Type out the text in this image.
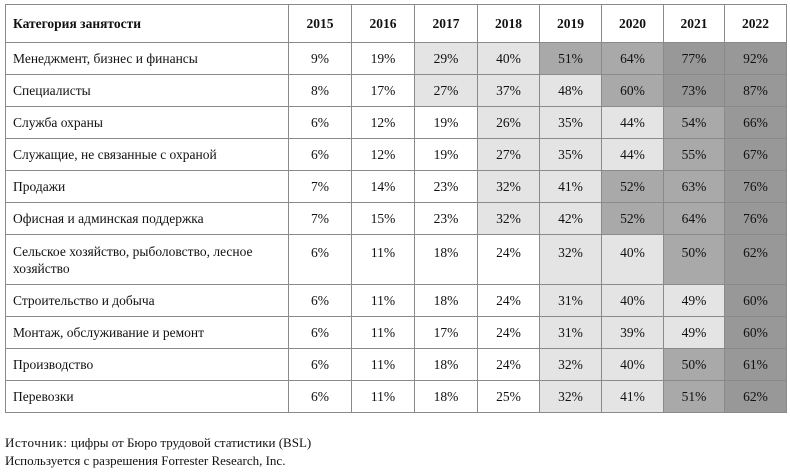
Категория занятости	2015	2016	2017	2018	2019	2020	2021	2022
Менеджмент, бизнес и финансы	9%	19%	29%	40%	51%	64%	77%	92%
Специалисты	8%	17%	27%	37%	48%	60%	73%	87%
Служба охраны	6%	12%	19%	26%	35%	44%	54%	66%
Служащие, не связанные с охраной	6%	12%	19%	27%	35%	44%	55%	67%
Продажи	7%	14%	23%	32%	41%	52%	63%	76%
Офисная и админская поддержка	7%	15%	23%	32%	42%	52%	64%	76%
Сельское хозяйство, рыболовство, лесное хозяйство	6%	11%	18%	24%	32%	40%	50%	62%
Строительство и добыча	6%	11%	18%	24%	31%	40%	49%	60%
Монтаж, обслуживание и ремонт	6%	11%	17%	24%	31%	39%	49%	60%
Производство	6%	11%	18%	24%	32%	40%	50%	61%
Перевозки	6%	11%	18%	25%	32%	41%	51%	62%
Источник: цифры от Бюро трудовой статистики (BSL)
Используется с разрешения Forrester Research, Inc.
